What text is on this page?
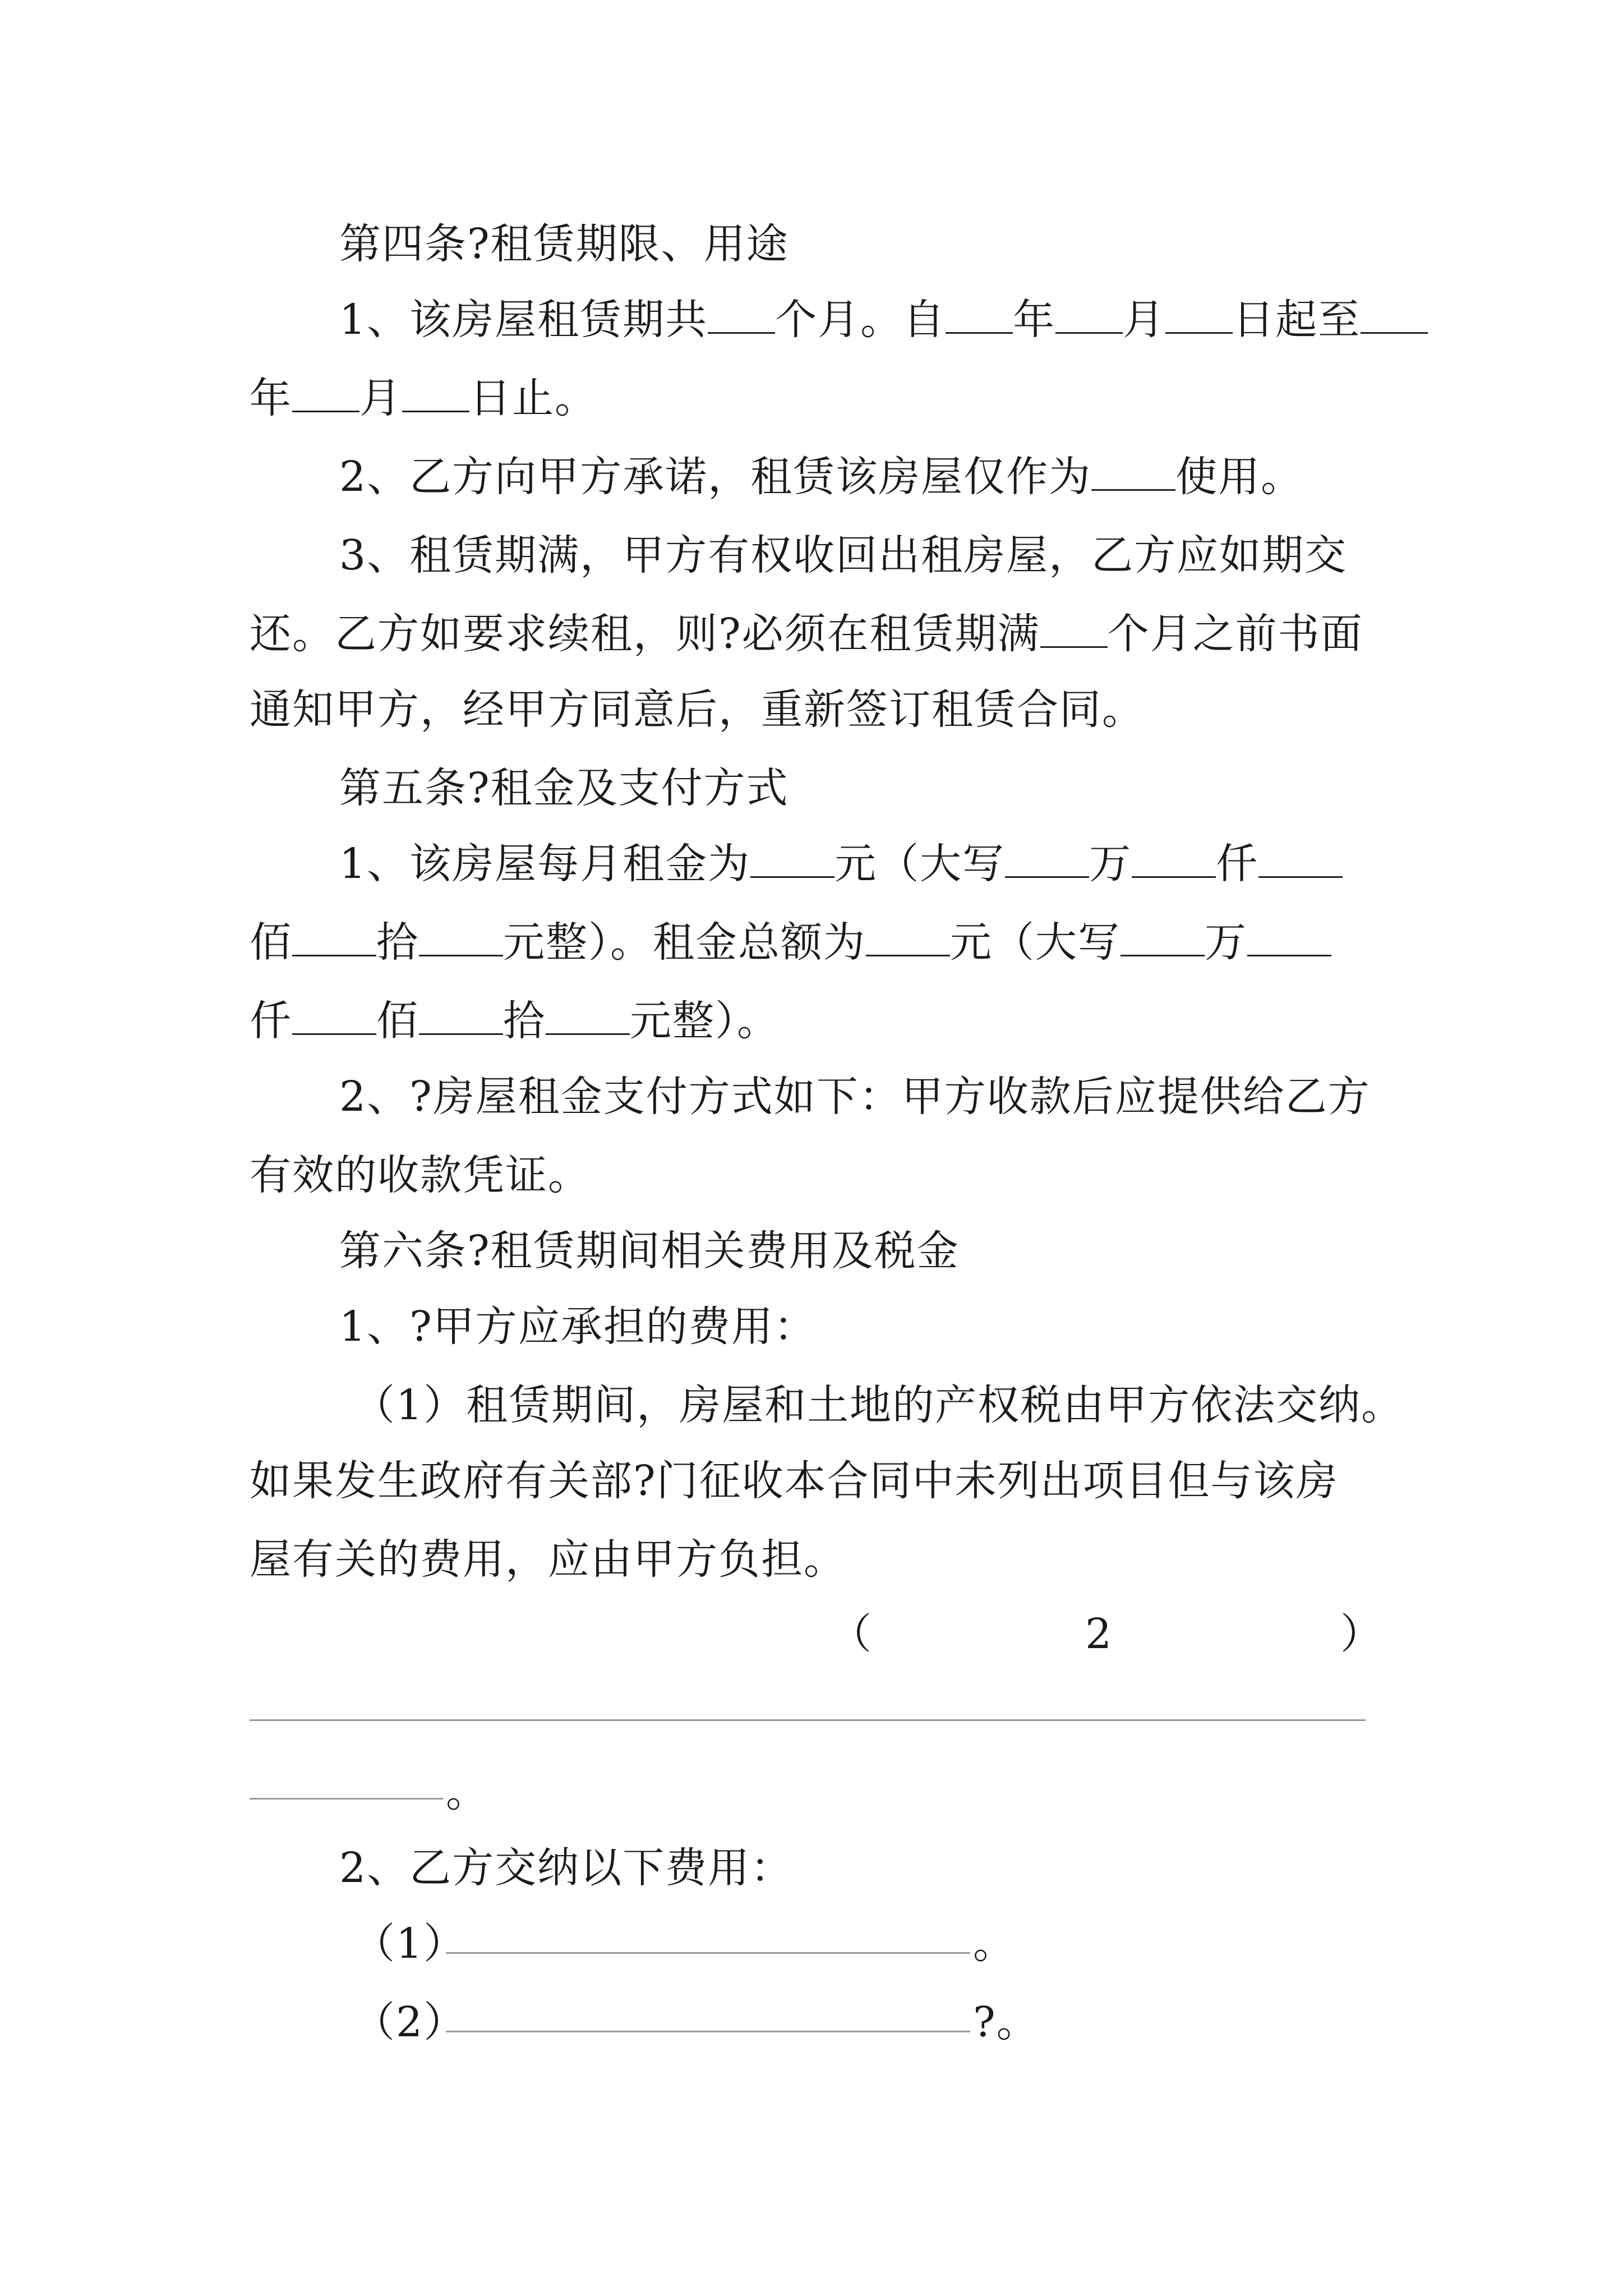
第四条?租赁期限、用途
1、该房屋租赁期共 个月。自 年 月 日起至
年 月 日止。
2、乙方向甲方承诺，租赁该房屋仅作为 使用。
3、租赁期满，甲方有权收回出租房屋，乙方应如期交
还。乙方如要求续租，则?必须在租赁期满 个月之前书面
通知甲方，经甲方同意后，重新签订租赁合同。
第五条?租金及支付方式
1、该房屋每月租金为 元（大写 万 仟
佰 拾 元整）。租金总额为 元（大写 万
仟 佰 拾 元整）。
2、?房屋租金支付方式如下：甲方收款后应提供给乙方
有效的收款凭证。
第六条?租赁期间相关费用及税金
1、?甲方应承担的费用：
（1）租赁期间，房屋和土地的产权税由甲方依法交纳。
如果发生政府有关部?门征收本合同中未列出项目但与该房
屋有关的费用，应由甲方负担。
（	2	）
。
2、乙方交纳以下费用：
（1）	。
（2）	?。
